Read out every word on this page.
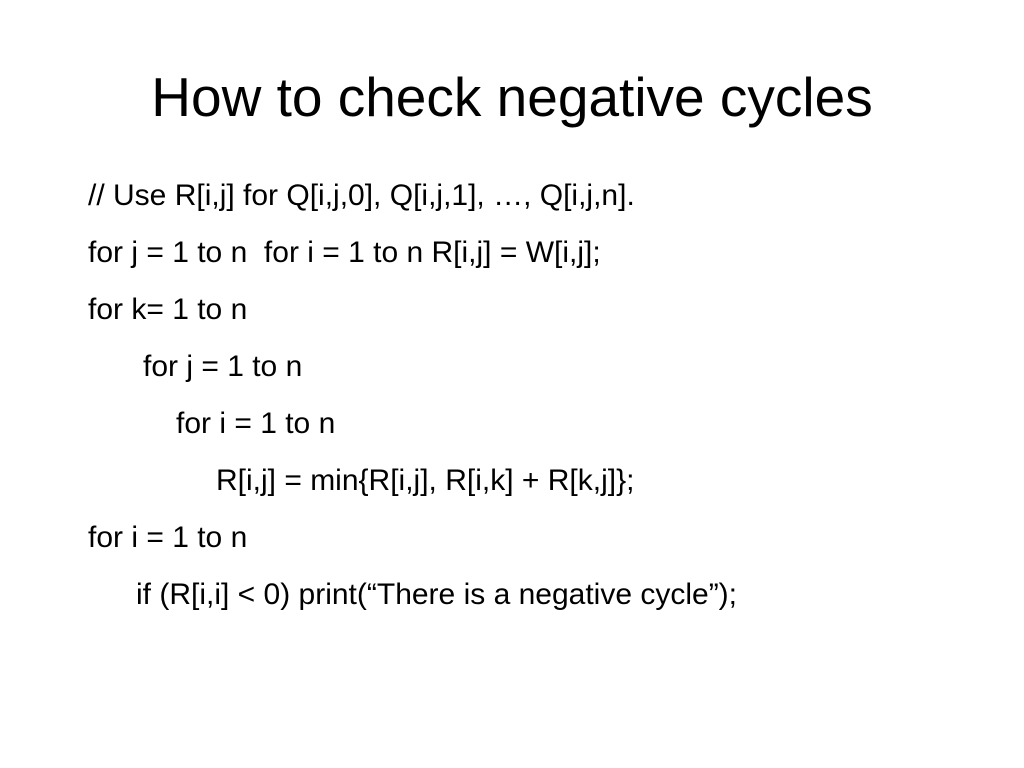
How to check negative cycles
// Use R[i,j] for Q[i,j,0], Q[i,j,1], …, Q[i,j,n].
for j = 1 to n  for i = 1 to n R[i,j] = W[i,j];
for k= 1 to n
for j = 1 to n
for i = 1 to n
R[i,j] = min{R[i,j], R[i,k] + R[k,j]};
for i = 1 to n
if (R[i,i] < 0) print(“There is a negative cycle”);
